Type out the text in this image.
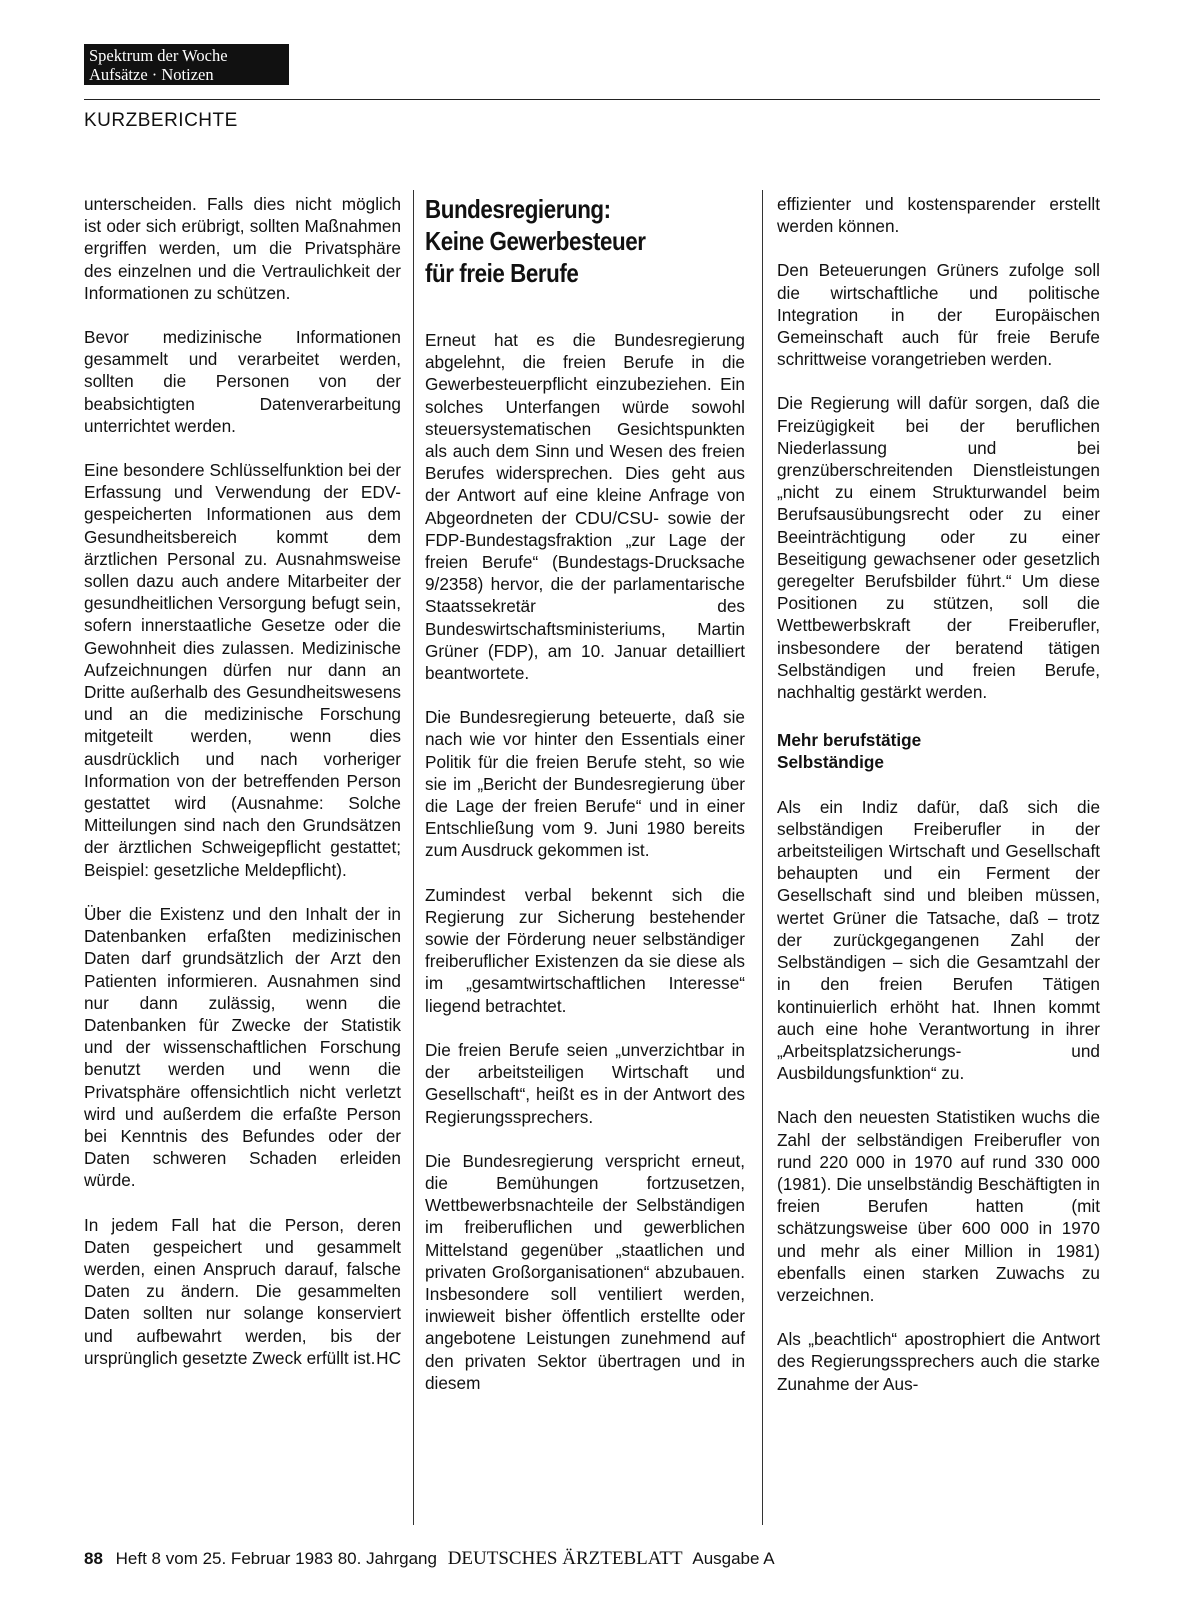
Spektrum der Woche
Aufsätze · Notizen
KURZBERICHTE

unterscheiden. Falls dies nicht möglich ist oder sich erübrigt, sollten Maßnahmen ergriffen werden, um die Privatsphäre des einzelnen und die Vertraulichkeit der Informationen zu schützen.

Bevor medizinische Informationen gesammelt und verarbeitet werden, sollten die Personen von der beabsichtigten Datenverarbeitung unterrichtet werden.

Eine besondere Schlüsselfunktion bei der Erfassung und Verwendung der EDV-gespeicherten Informationen aus dem Gesundheitsbereich kommt dem ärztlichen Personal zu. Ausnahmsweise sollen dazu auch andere Mitarbeiter der gesundheitlichen Versorgung befugt sein, sofern innerstaatliche Gesetze oder die Gewohnheit dies zulassen. Medizinische Aufzeichnungen dürfen nur dann an Dritte außerhalb des Gesundheitswesens und an die medizinische Forschung mitgeteilt werden, wenn dies ausdrücklich und nach vorheriger Information von der betreffenden Person gestattet wird (Ausnahme: Solche Mitteilungen sind nach den Grundsätzen der ärztlichen Schweigepflicht gestattet; Beispiel: gesetzliche Meldepflicht).

Über die Existenz und den Inhalt der in Datenbanken erfaßten medizinischen Daten darf grundsätzlich der Arzt den Patienten informieren. Ausnahmen sind nur dann zulässig, wenn die Datenbanken für Zwecke der Statistik und der wissenschaftlichen Forschung benutzt werden und wenn die Privatsphäre offensichtlich nicht verletzt wird und außerdem die erfaßte Person bei Kenntnis des Befundes oder der Daten schweren Schaden erleiden würde.

In jedem Fall hat die Person, deren Daten gespeichert und gesammelt werden, einen Anspruch darauf, falsche Daten zu ändern. Die gesammelten Daten sollten nur solange konserviert und aufbewahrt werden, bis der ursprünglich gesetzte Zweck erfüllt ist. HC

Bundesregierung:
Keine Gewerbesteuer
für freie Berufe

Erneut hat es die Bundesregierung abgelehnt, die freien Berufe in die Gewerbesteuerpflicht einzubeziehen. Ein solches Unterfangen würde sowohl steuersystematischen Gesichtspunkten als auch dem Sinn und Wesen des freien Berufes widersprechen. Dies geht aus der Antwort auf eine kleine Anfrage von Abgeordneten der CDU/CSU- sowie der FDP-Bundestagsfraktion „zur Lage der freien Berufe“ (Bundestags-Drucksache 9/2358) hervor, die der parlamentarische Staatssekretär des Bundeswirtschaftsministeriums, Martin Grüner (FDP), am 10. Januar detailliert beantwortete.

Die Bundesregierung beteuerte, daß sie nach wie vor hinter den Essentials einer Politik für die freien Berufe steht, so wie sie im „Bericht der Bundesregierung über die Lage der freien Berufe“ und in einer Entschließung vom 9. Juni 1980 bereits zum Ausdruck gekommen ist.

Zumindest verbal bekennt sich die Regierung zur Sicherung bestehender sowie der Förderung neuer selbständiger freiberuflicher Existenzen da sie diese als im „gesamtwirtschaftlichen Interesse“ liegend betrachtet.

Die freien Berufe seien „unverzichtbar in der arbeitsteiligen Wirtschaft und Gesellschaft“, heißt es in der Antwort des Regierungssprechers.

Die Bundesregierung verspricht erneut, die Bemühungen fortzusetzen, Wettbewerbsnachteile der Selbständigen im freiberuflichen und gewerblichen Mittelstand gegenüber „staatlichen und privaten Großorganisationen“ abzubauen. Insbesondere soll ventiliert werden, inwieweit bisher öffentlich erstellte oder angebotene Leistungen zunehmend auf den privaten Sektor übertragen und in diesem

effizienter und kostensparender erstellt werden können.

Den Beteuerungen Grüners zufolge soll die wirtschaftliche und politische Integration in der Europäischen Gemeinschaft auch für freie Berufe schrittweise vorangetrieben werden.

Die Regierung will dafür sorgen, daß die Freizügigkeit bei der beruflichen Niederlassung und bei grenzüberschreitenden Dienstleistungen „nicht zu einem Strukturwandel beim Berufsausübungsrecht oder zu einer Beeinträchtigung oder zu einer Beseitigung gewachsener oder gesetzlich geregelter Berufsbilder führt.“ Um diese Positionen zu stützen, soll die Wettbewerbskraft der Freiberufler, insbesondere der beratend tätigen Selbständigen und freien Berufe, nachhaltig gestärkt werden.

Mehr berufstätige
Selbständige

Als ein Indiz dafür, daß sich die selbständigen Freiberufler in der arbeitsteiligen Wirtschaft und Gesellschaft behaupten und ein Ferment der Gesellschaft sind und bleiben müssen, wertet Grüner die Tatsache, daß – trotz der zurückgegangenen Zahl der Selbständigen – sich die Gesamtzahl der in den freien Berufen Tätigen kontinuierlich erhöht hat. Ihnen kommt auch eine hohe Verantwortung in ihrer „Arbeitsplatzsicherungs- und Ausbildungsfunktion“ zu.

Nach den neuesten Statistiken wuchs die Zahl der selbständigen Freiberufler von rund 220 000 in 1970 auf rund 330 000 (1981). Die unselbständig Beschäftigten in freien Berufen hatten (mit schätzungsweise über 600 000 in 1970 und mehr als einer Million in 1981) ebenfalls einen starken Zuwachs zu verzeichnen.

Als „beachtlich“ apostrophiert die Antwort des Regierungssprechers auch die starke Zunahme der Aus-

88 Heft 8 vom 25. Februar 1983 80. Jahrgang DEUTSCHES ÄRZTEBLATT Ausgabe A
